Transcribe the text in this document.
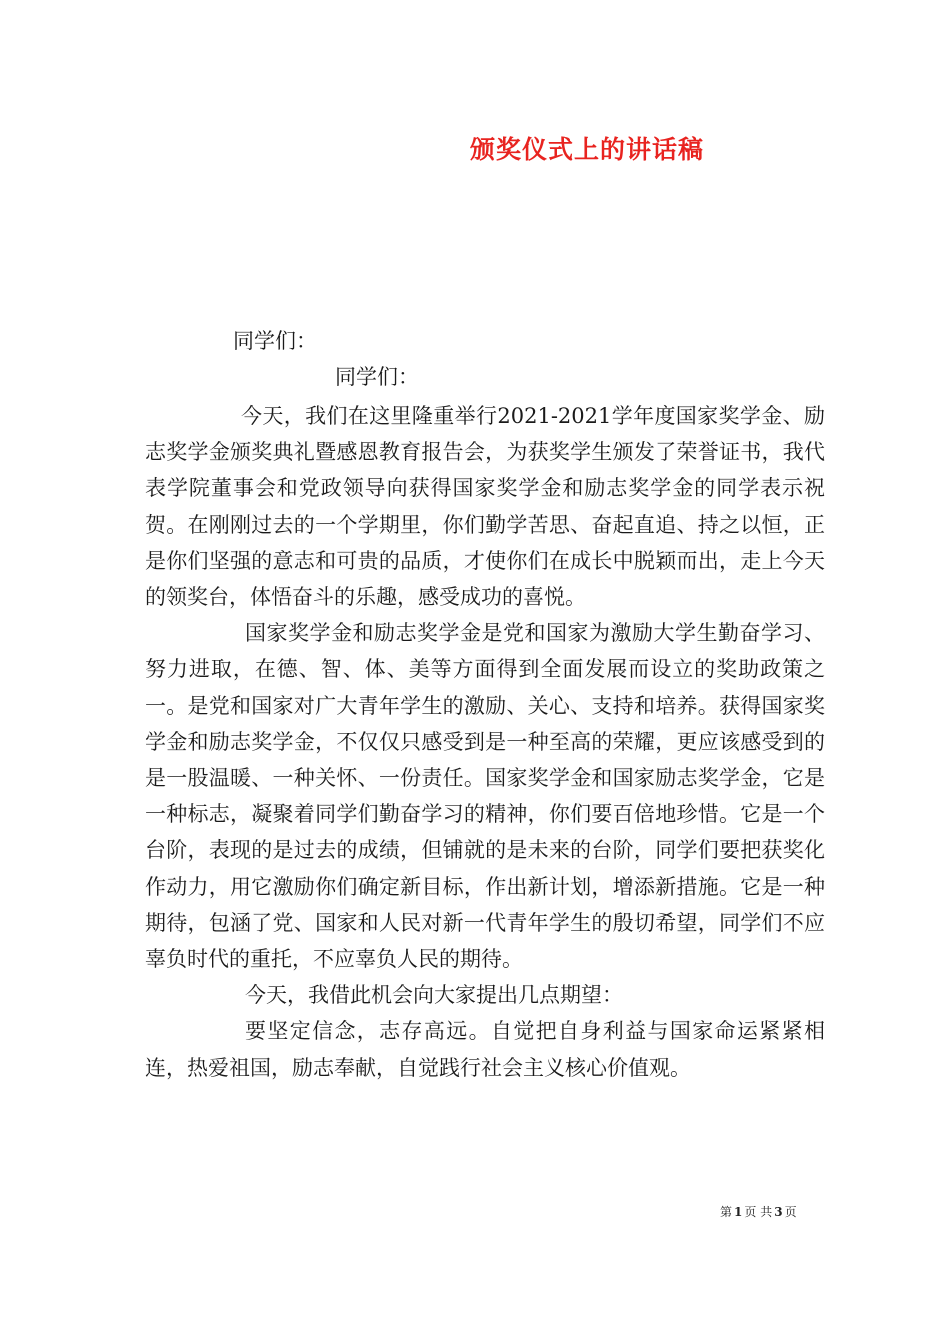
颁奖仪式上的讲话稿
同学们：
同学们：

今天，我们在这里隆重举行2021-2021学年度国家奖学金、励志奖学金颁奖典礼暨感恩教育报告会，为获奖学生颁发了荣誉证书，我代表学院董事会和党政领导向获得国家奖学金和励志奖学金的同学表示祝贺。在刚刚过去的一个学期里，你们勤学苦思、奋起直追、持之以恒，正是你们坚强的意志和可贵的品质，才使你们在成长中脱颖而出，走上今天的领奖台，体悟奋斗的乐趣，感受成功的喜悦。

国家奖学金和励志奖学金是党和国家为激励大学生勤奋学习、努力进取，在德、智、体、美等方面得到全面发展而设立的奖助政策之一。是党和国家对广大青年学生的激励、关心、支持和培养。获得国家奖学金和励志奖学金，不仅仅只感受到是一种至高的荣耀，更应该感受到的是一股温暖、一种关怀、一份责任。国家奖学金和国家励志奖学金，它是一种标志，凝聚着同学们勤奋学习的精神，你们要百倍地珍惜。它是一个台阶，表现的是过去的成绩，但铺就的是未来的台阶，同学们要把获奖化作动力，用它激励你们确定新目标，作出新计划，增添新措施。它是一种期待，包涵了党、国家和人民对新一代青年学生的殷切希望，同学们不应辜负时代的重托，不应辜负人民的期待。

今天，我借此机会向大家提出几点期望：

要坚定信念，志存高远。自觉把自身利益与国家命运紧紧相连，热爱祖国，励志奉献，自觉践行社会主义核心价值观。

第 1 页 共 3 页
